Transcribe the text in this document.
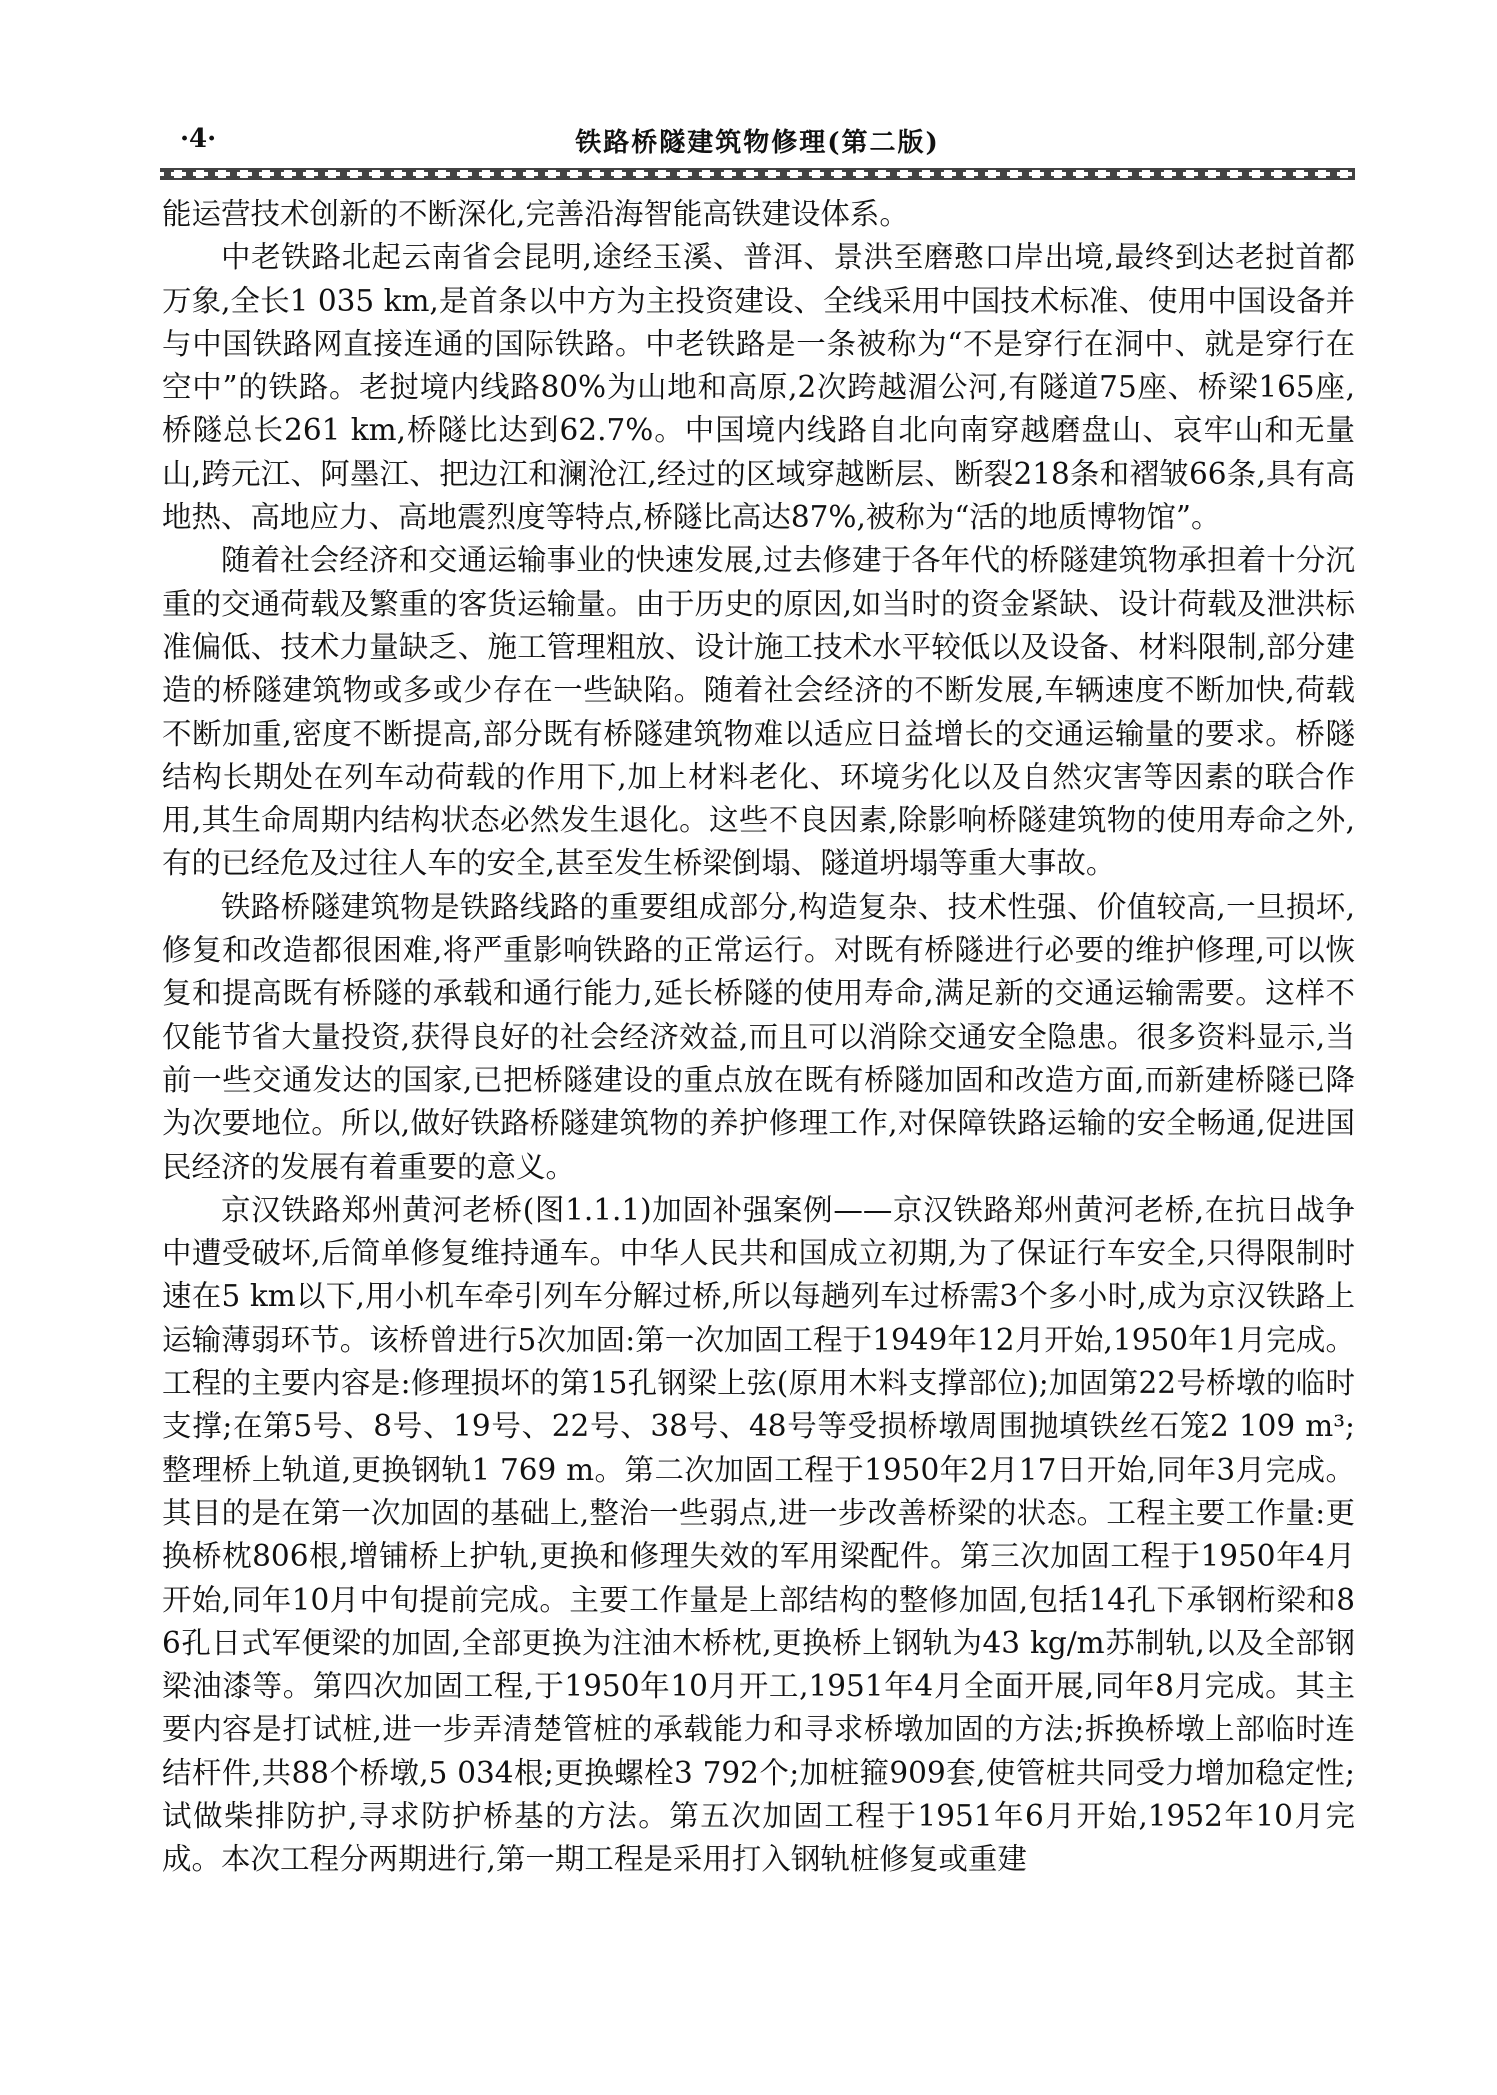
·4·	铁路桥隧建筑物修理(第二版)

能运营技术创新的不断深化,完善沿海智能高铁建设体系。

中老铁路北起云南省会昆明,途经玉溪、普洱、景洪至磨憨口岸出境,最终到达老挝首都万象,全长1 035 km,是首条以中方为主投资建设、全线采用中国技术标准、使用中国设备并与中国铁路网直接连通的国际铁路。中老铁路是一条被称为“不是穿行在洞中、就是穿行在空中”的铁路。老挝境内线路80%为山地和高原,2次跨越湄公河,有隧道75座、桥梁165座,桥隧总长261 km,桥隧比达到62.7%。中国境内线路自北向南穿越磨盘山、哀牢山和无量山,跨元江、阿墨江、把边江和澜沧江,经过的区域穿越断层、断裂218条和褶皱66条,具有高地热、高地应力、高地震烈度等特点,桥隧比高达87%,被称为“活的地质博物馆”。

随着社会经济和交通运输事业的快速发展,过去修建于各年代的桥隧建筑物承担着十分沉重的交通荷载及繁重的客货运输量。由于历史的原因,如当时的资金紧缺、设计荷载及泄洪标准偏低、技术力量缺乏、施工管理粗放、设计施工技术水平较低以及设备、材料限制,部分建造的桥隧建筑物或多或少存在一些缺陷。随着社会经济的不断发展,车辆速度不断加快,荷载不断加重,密度不断提高,部分既有桥隧建筑物难以适应日益增长的交通运输量的要求。桥隧结构长期处在列车动荷载的作用下,加上材料老化、环境劣化以及自然灾害等因素的联合作用,其生命周期内结构状态必然发生退化。这些不良因素,除影响桥隧建筑物的使用寿命之外,有的已经危及过往人车的安全,甚至发生桥梁倒塌、隧道坍塌等重大事故。

铁路桥隧建筑物是铁路线路的重要组成部分,构造复杂、技术性强、价值较高,一旦损坏,修复和改造都很困难,将严重影响铁路的正常运行。对既有桥隧进行必要的维护修理,可以恢复和提高既有桥隧的承载和通行能力,延长桥隧的使用寿命,满足新的交通运输需要。这样不仅能节省大量投资,获得良好的社会经济效益,而且可以消除交通安全隐患。很多资料显示,当前一些交通发达的国家,已把桥隧建设的重点放在既有桥隧加固和改造方面,而新建桥隧已降为次要地位。所以,做好铁路桥隧建筑物的养护修理工作,对保障铁路运输的安全畅通,促进国民经济的发展有着重要的意义。

京汉铁路郑州黄河老桥(图1.1.1)加固补强案例——京汉铁路郑州黄河老桥,在抗日战争中遭受破坏,后简单修复维持通车。中华人民共和国成立初期,为了保证行车安全,只得限制时速在5 km以下,用小机车牵引列车分解过桥,所以每趟列车过桥需3个多小时,成为京汉铁路上运输薄弱环节。该桥曾进行5次加固:第一次加固工程于1949年12月开始,1950年1月完成。工程的主要内容是:修理损坏的第15孔钢梁上弦(原用木料支撑部位);加固第22号桥墩的临时支撑;在第5号、8号、19号、22号、38号、48号等受损桥墩周围抛填铁丝石笼2 109 m³;整理桥上轨道,更换钢轨1 769 m。第二次加固工程于1950年2月17日开始,同年3月完成。其目的是在第一次加固的基础上,整治一些弱点,进一步改善桥梁的状态。工程主要工作量:更换桥枕806根,增铺桥上护轨,更换和修理失效的军用梁配件。第三次加固工程于1950年4月开始,同年10月中旬提前完成。主要工作量是上部结构的整修加固,包括14孔下承钢桁梁和86孔日式军便梁的加固,全部更换为注油木桥枕,更换桥上钢轨为43 kg/m苏制轨,以及全部钢梁油漆等。第四次加固工程,于1950年10月开工,1951年4月全面开展,同年8月完成。其主要内容是打试桩,进一步弄清楚管桩的承载能力和寻求桥墩加固的方法;拆换桥墩上部临时连结杆件,共88个桥墩,5 034根;更换螺栓3 792个;加桩箍909套,使管桩共同受力增加稳定性;试做柴排防护,寻求防护桥基的方法。第五次加固工程于1951年6月开始,1952年10月完成。本次工程分两期进行,第一期工程是采用打入钢轨桩修复或重建
